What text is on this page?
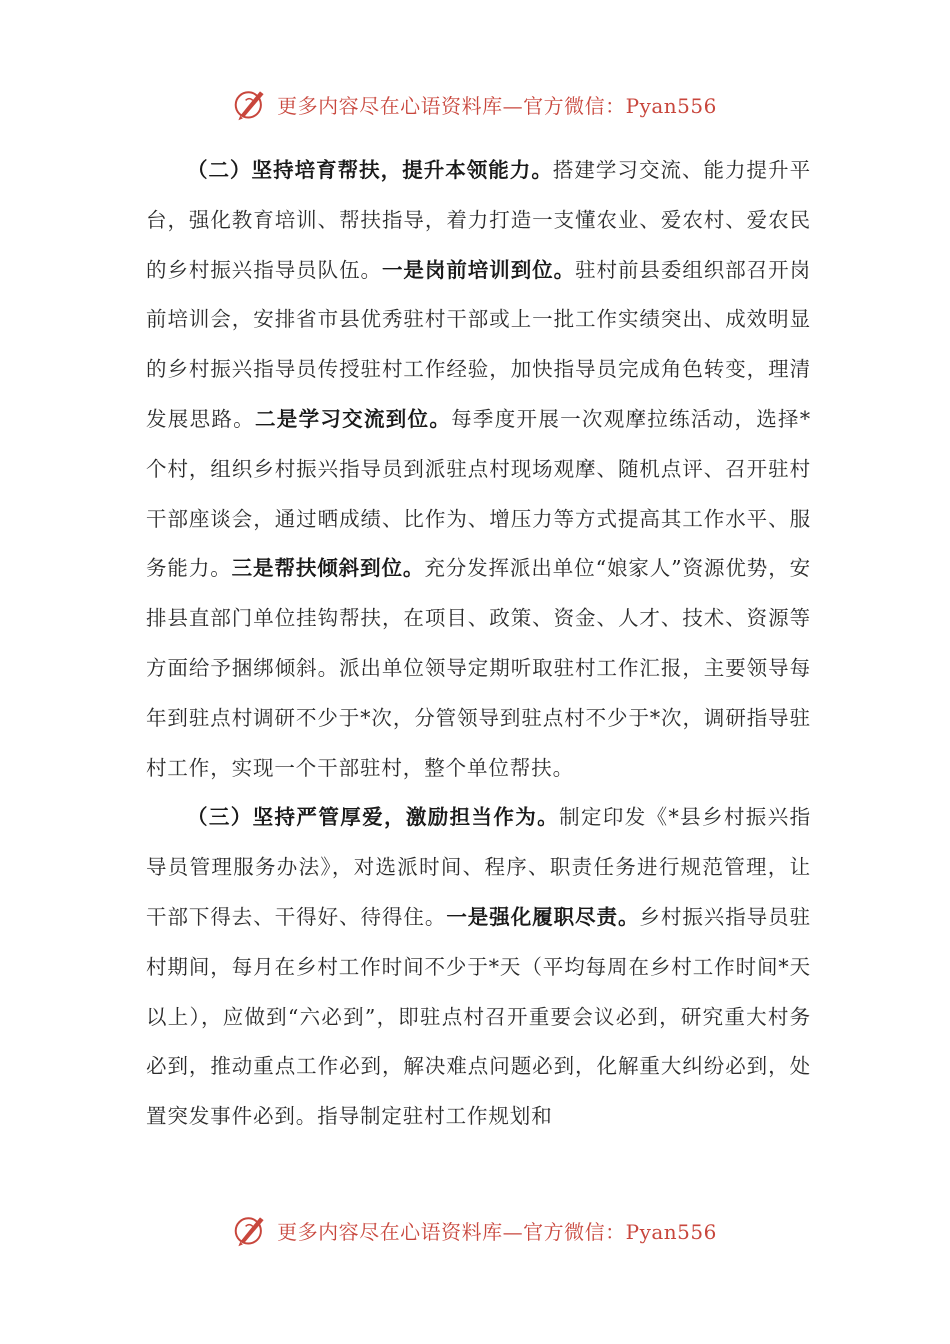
更多内容尽在心语资料库—官方微信：Pyan556

（二）坚持培育帮扶，提升本领能力。搭建学习交流、能力提升平台，强化教育培训、帮扶指导，着力打造一支懂农业、爱农村、爱农民的乡村振兴指导员队伍。一是岗前培训到位。驻村前县委组织部召开岗前培训会，安排省市县优秀驻村干部或上一批工作实绩突出、成效明显的乡村振兴指导员传授驻村工作经验，加快指导员完成角色转变，理清发展思路。二是学习交流到位。每季度开展一次观摩拉练活动，选择*个村，组织乡村振兴指导员到派驻点村现场观摩、随机点评、召开驻村干部座谈会，通过晒成绩、比作为、增压力等方式提高其工作水平、服务能力。三是帮扶倾斜到位。充分发挥派出单位“娘家人”资源优势，安排县直部门单位挂钩帮扶，在项目、政策、资金、人才、技术、资源等方面给予捆绑倾斜。派出单位领导定期听取驻村工作汇报，主要领导每年到驻点村调研不少于*次，分管领导到驻点村不少于*次，调研指导驻村工作，实现一个干部驻村，整个单位帮扶。

（三）坚持严管厚爱，激励担当作为。制定印发《*县乡村振兴指导员管理服务办法》，对选派时间、程序、职责任务进行规范管理，让干部下得去、干得好、待得住。一是强化履职尽责。乡村振兴指导员驻村期间，每月在乡村工作时间不少于*天（平均每周在乡村工作时间*天以上），应做到“六必到”，即驻点村召开重要会议必到，研究重大村务必到，推动重点工作必到，解决难点问题必到，化解重大纠纷必到，处置突发事件必到。指导制定驻村工作规划和

更多内容尽在心语资料库—官方微信：Pyan556
